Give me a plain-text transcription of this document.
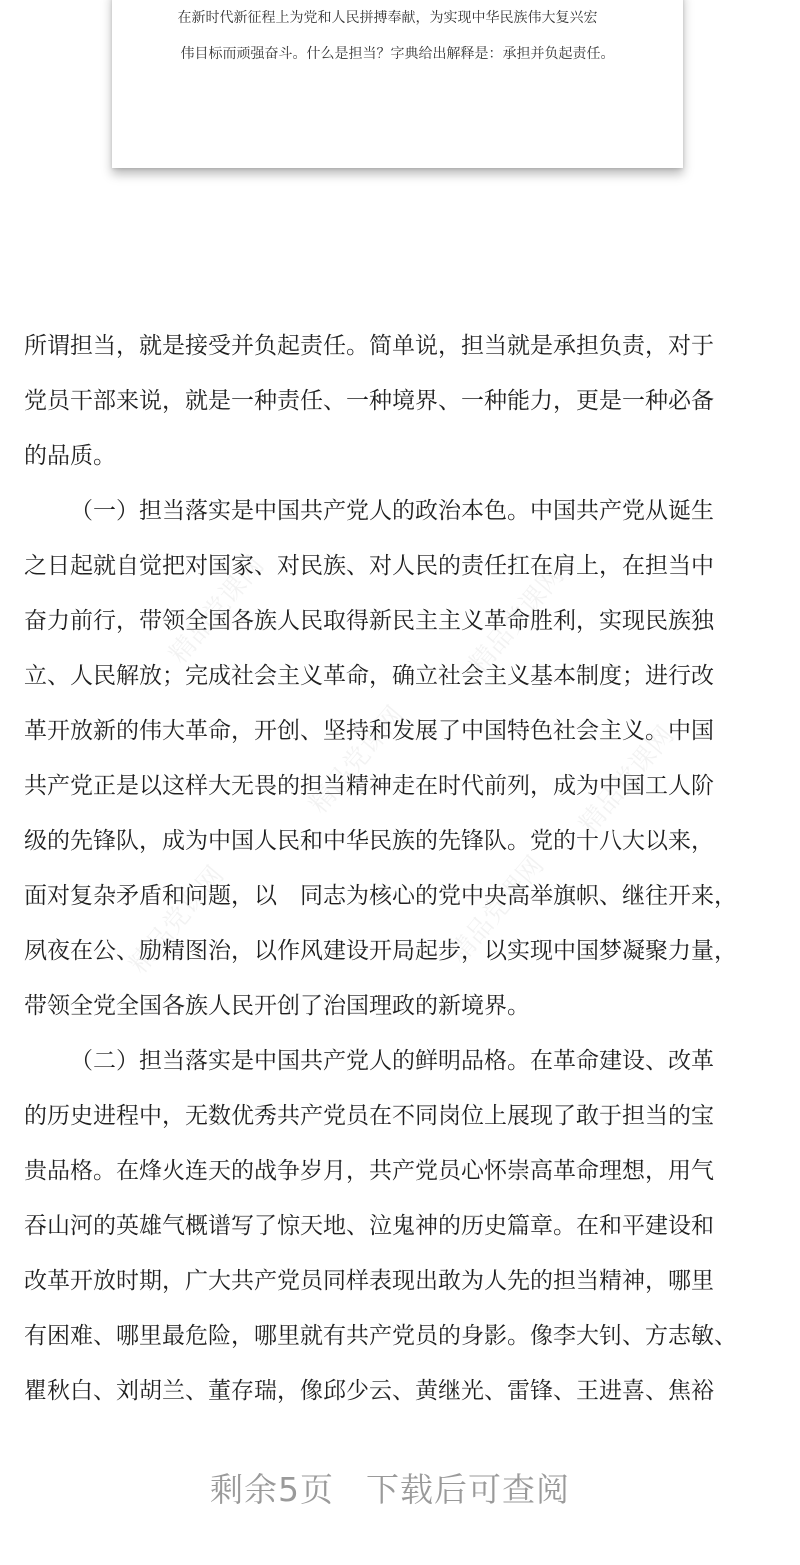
在新时代新征程上为党和人民拼搏奉献，为实现中华民族伟大复兴宏
伟目标而顽强奋斗。什么是担当？字典给出解释是：承担并负起责任。
精品党课网
精品党课网
精品党课网
精品党课网
精品党课网
精品党课网
所谓担当，就是接受并负起责任。简单说，担当就是承担负责，对于
党员干部来说，就是一种责任、一种境界、一种能力，更是一种必备
的品质。
（一）担当落实是中国共产党人的政治本色。中国共产党从诞生
之日起就自觉把对国家、对民族、对人民的责任扛在肩上，在担当中
奋力前行，带领全国各族人民取得新民主主义革命胜利，实现民族独
立、人民解放；完成社会主义革命，确立社会主义基本制度；进行改
革开放新的伟大革命，开创、坚持和发展了中国特色社会主义。中国
共产党正是以这样大无畏的担当精神走在时代前列，成为中国工人阶
级的先锋队，成为中国人民和中华民族的先锋队。党的十八大以来，
面对复杂矛盾和问题，以　同志为核心的党中央高举旗帜、继往开来，
夙夜在公、励精图治，以作风建设开局起步，以实现中国梦凝聚力量，
带领全党全国各族人民开创了治国理政的新境界。
（二）担当落实是中国共产党人的鲜明品格。在革命建设、改革
的历史进程中，无数优秀共产党员在不同岗位上展现了敢于担当的宝
贵品格。在烽火连天的战争岁月，共产党员心怀崇高革命理想，用气
吞山河的英雄气概谱写了惊天地、泣鬼神的历史篇章。在和平建设和
改革开放时期，广大共产党员同样表现出敢为人先的担当精神，哪里
有困难、哪里最危险，哪里就有共产党员的身影。像李大钊、方志敏、
瞿秋白、刘胡兰、董存瑞，像邱少云、黄继光、雷锋、王进喜、焦裕
剩余5页 下载后可查阅
